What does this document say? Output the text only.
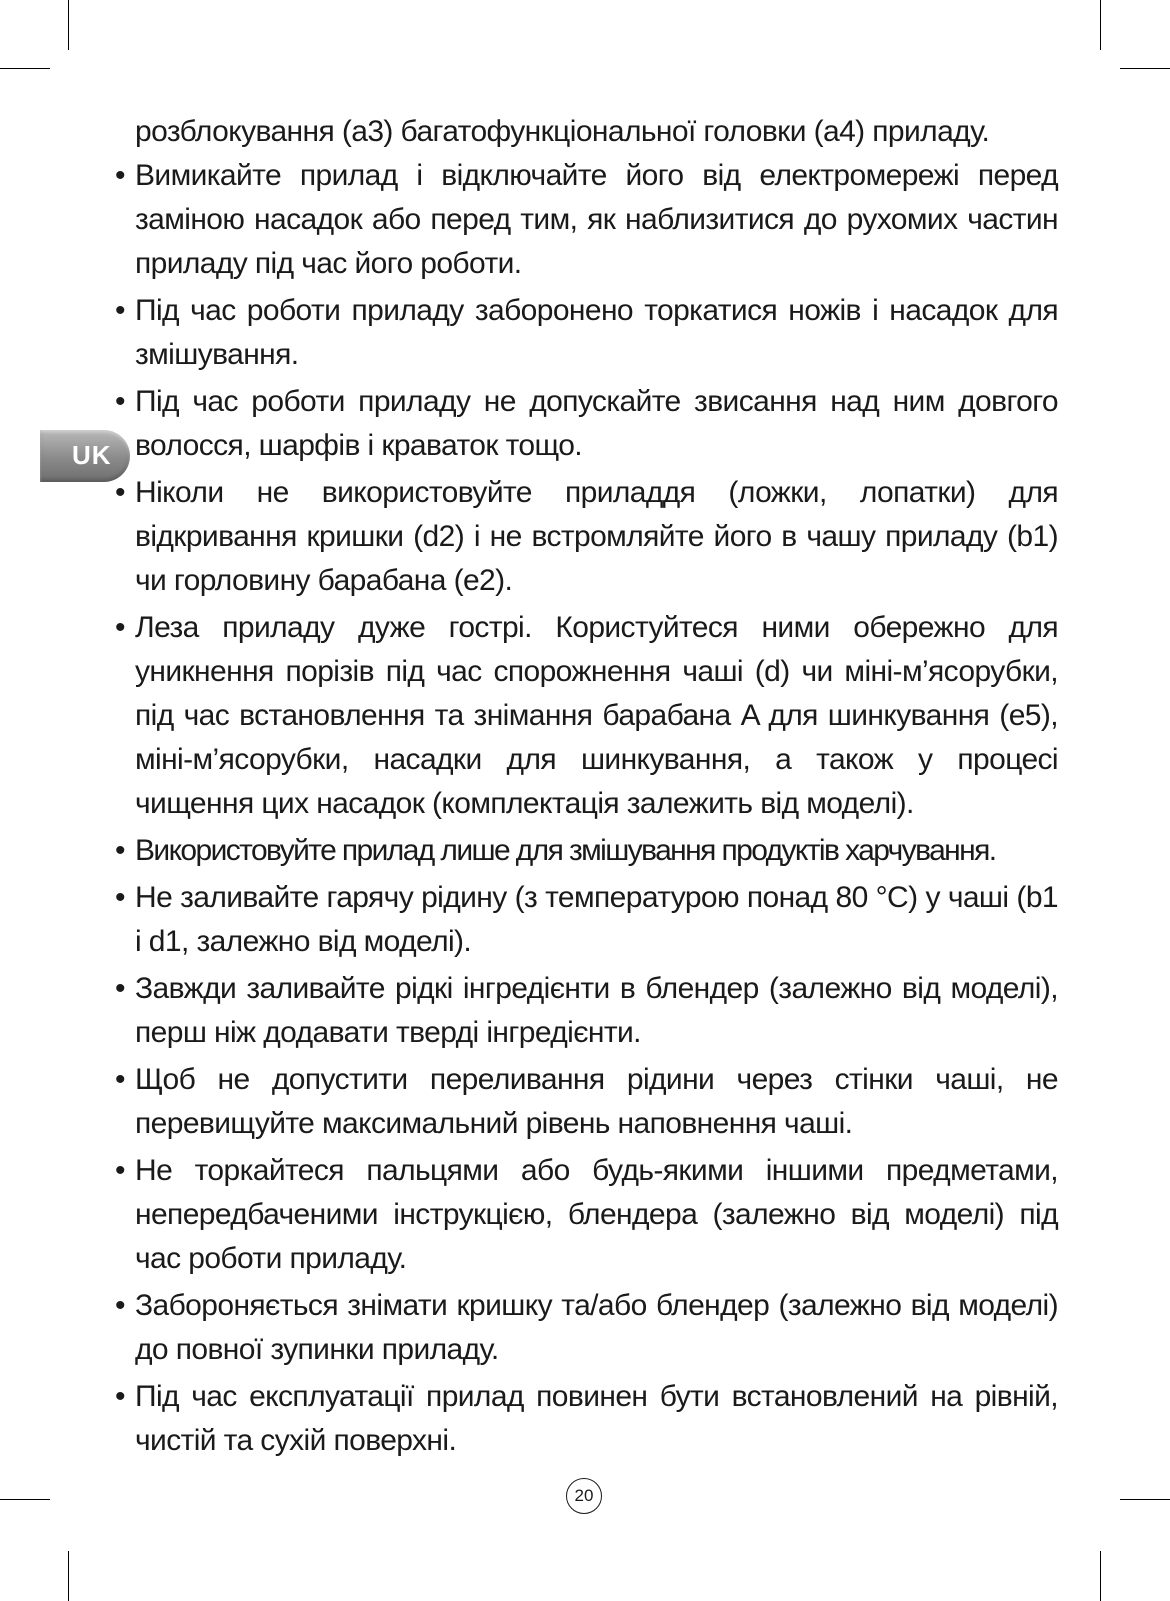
UK

розблокування (a3) багатофункціональної головки (a4) приладу.

• Вимикайте прилад і відключайте його від електромережі перед заміною насадок або перед тим, як наблизитися до рухомих частин приладу під час його роботи.
• Під час роботи приладу заборонено торкатися ножів і насадок для змішування.
• Під час роботи приладу не допускайте звисання над ним довгого волосся, шарфів і краваток тощо.
• Ніколи не використовуйте приладдя (ложки, лопатки) для відкривання кришки (d2) і не встромляйте його в чашу приладу (b1) чи горловину барабана (e2).
• Леза приладу дуже гострі. Користуйтеся ними обережно для уникнення порізів під час спорожнення чаші (d) чи міні-м’ясорубки, під час встановлення та знімання барабана A для шинкування (e5), міні-м’ясорубки, насадки для шинкування, а також у процесі чищення цих насадок (комплектація залежить від моделі).
• Використовуйте прилад лише для змішування продуктів харчування.
• Не заливайте гарячу рідину (з температурою понад 80 °C) у чаші (b1 і d1, залежно від моделі).
• Завжди заливайте рідкі інгредієнти в блендер (залежно від моделі), перш ніж додавати тверді інгредієнти.
• Щоб не допустити переливання рідини через стінки чаші, не перевищуйте максимальний рівень наповнення чаші.
• Не торкайтеся пальцями або будь-якими іншими предметами, непередбаченими інструкцією, блендера (залежно від моделі) під час роботи приладу.
• Забороняється знімати кришку та/або блендер (залежно від моделі) до повної зупинки приладу.
• Під час експлуатації прилад повинен бути встановлений на рівній, чистій та сухій поверхні.
20
